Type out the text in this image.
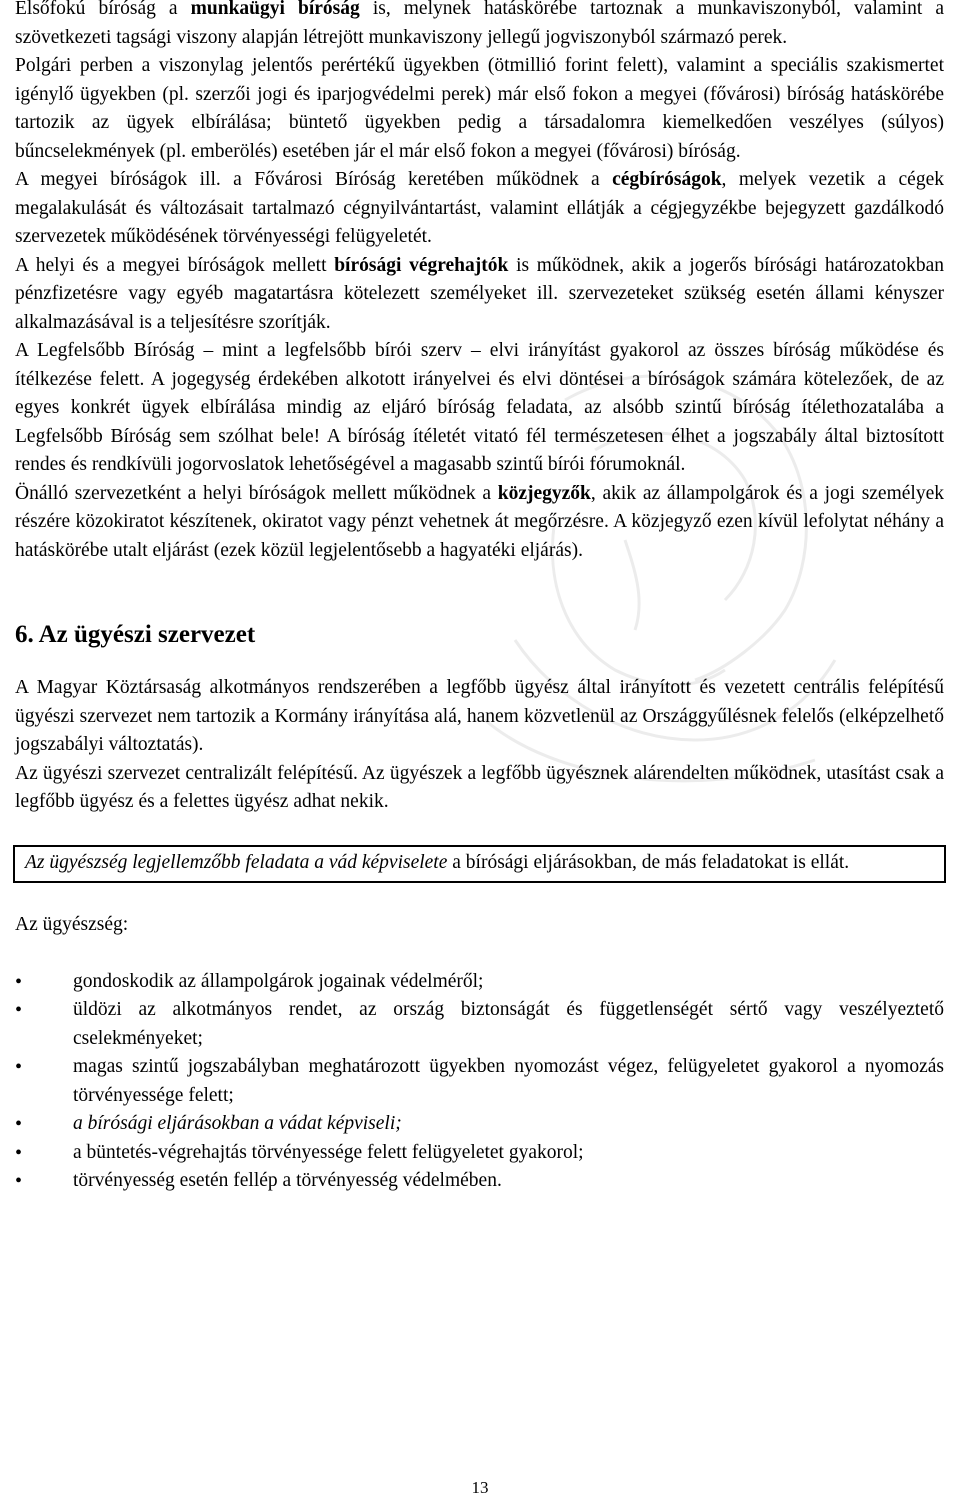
Elsőfokú bíróság a munkaügyi bíróság is, melynek hatáskörébe tartoznak a munkaviszonyból, valamint a szövetkezeti tagsági viszony alapján létrejött munkaviszony jellegű jogviszonyból származó perek.

Polgári perben a viszonylag jelentős perértékű ügyekben (ötmillió forint felett), valamint a speciális szakismertet igénylő ügyekben (pl. szerzői jogi és iparjogvédelmi perek) már első fokon a megyei (fővárosi) bíróság hatáskörébe tartozik az ügyek elbírálása; büntető ügyekben pedig a társadalomra kiemelkedően veszélyes (súlyos) bűncselekmények (pl. emberölés) esetében jár el már első fokon a megyei (fővárosi) bíróság.

A megyei bíróságok ill. a Fővárosi Bíróság keretében működnek a cégbíróságok, melyek vezetik a cégek megalakulását és változásait tartalmazó cégnyilvántartást, valamint ellátják a cégjegyzékbe bejegyzett gazdálkodó szervezetek működésének törvényességi felügyeletét.

A helyi és a megyei bíróságok mellett bírósági végrehajtók is működnek, akik a jogerős bírósági határozatokban pénzfizetésre vagy egyéb magatartásra kötelezett személyeket ill. szervezeteket szükség esetén állami kényszer alkalmazásával is a teljesítésre szorítják.

A Legfelsőbb Bíróság – mint a legfelsőbb bírói szerv – elvi irányítást gyakorol az összes bíróság működése és ítélkezése felett. A jogegység érdekében alkotott irányelvei és elvi döntései a bíróságok számára kötelezőek, de az egyes konkrét ügyek elbírálása mindig az eljáró bíróság feladata, az alsóbb szintű bíróság ítélethozatalába a Legfelsőbb Bíróság sem szólhat bele! A bíróság ítéletét vitató fél természetesen élhet a jogszabály által biztosított rendes és rendkívüli jogorvoslatok lehetőségével a magasabb szintű bírói fórumoknál.

Önálló szervezetként a helyi bíróságok mellett működnek a közjegyzők, akik az állampolgárok és a jogi személyek részére közokiratot készítenek, okiratot vagy pénzt vehetnek át megőrzésre. A közjegyző ezen kívül lefolytat néhány a hatáskörébe utalt eljárást (ezek közül legjelentősebb a hagyatéki eljárás).

6. Az ügyészi szervezet

A Magyar Köztársaság alkotmányos rendszerében a legfőbb ügyész által irányított és vezetett centrális felépítésű ügyészi szervezet nem tartozik a Kormány irányítása alá, hanem közvetlenül az Országgyűlésnek felelős (elképzelhető jogszabályi változtatás).

Az ügyészi szervezet centralizált felépítésű. Az ügyészek a legfőbb ügyésznek alárendelten működnek, utasítást csak a legfőbb ügyész és a felettes ügyész adhat nekik.

Az ügyészség legjellemzőbb feladata a vád képviselete a bírósági eljárásokban, de más feladatokat is ellát.

Az ügyészség:

• gondoskodik az állampolgárok jogainak védelméről;
• üldözi az alkotmányos rendet, az ország biztonságát és függetlenségét sértő vagy veszélyeztető cselekményeket;
• magas szintű jogszabályban meghatározott ügyekben nyomozást végez, felügyeletet gyakorol a nyomozás törvényessége felett;
• a bírósági eljárásokban a vádat képviseli;
• a büntetés-végrehajtás törvényessége felett felügyeletet gyakorol;
• törvényesség esetén fellép a törvényesség védelmében.
13
